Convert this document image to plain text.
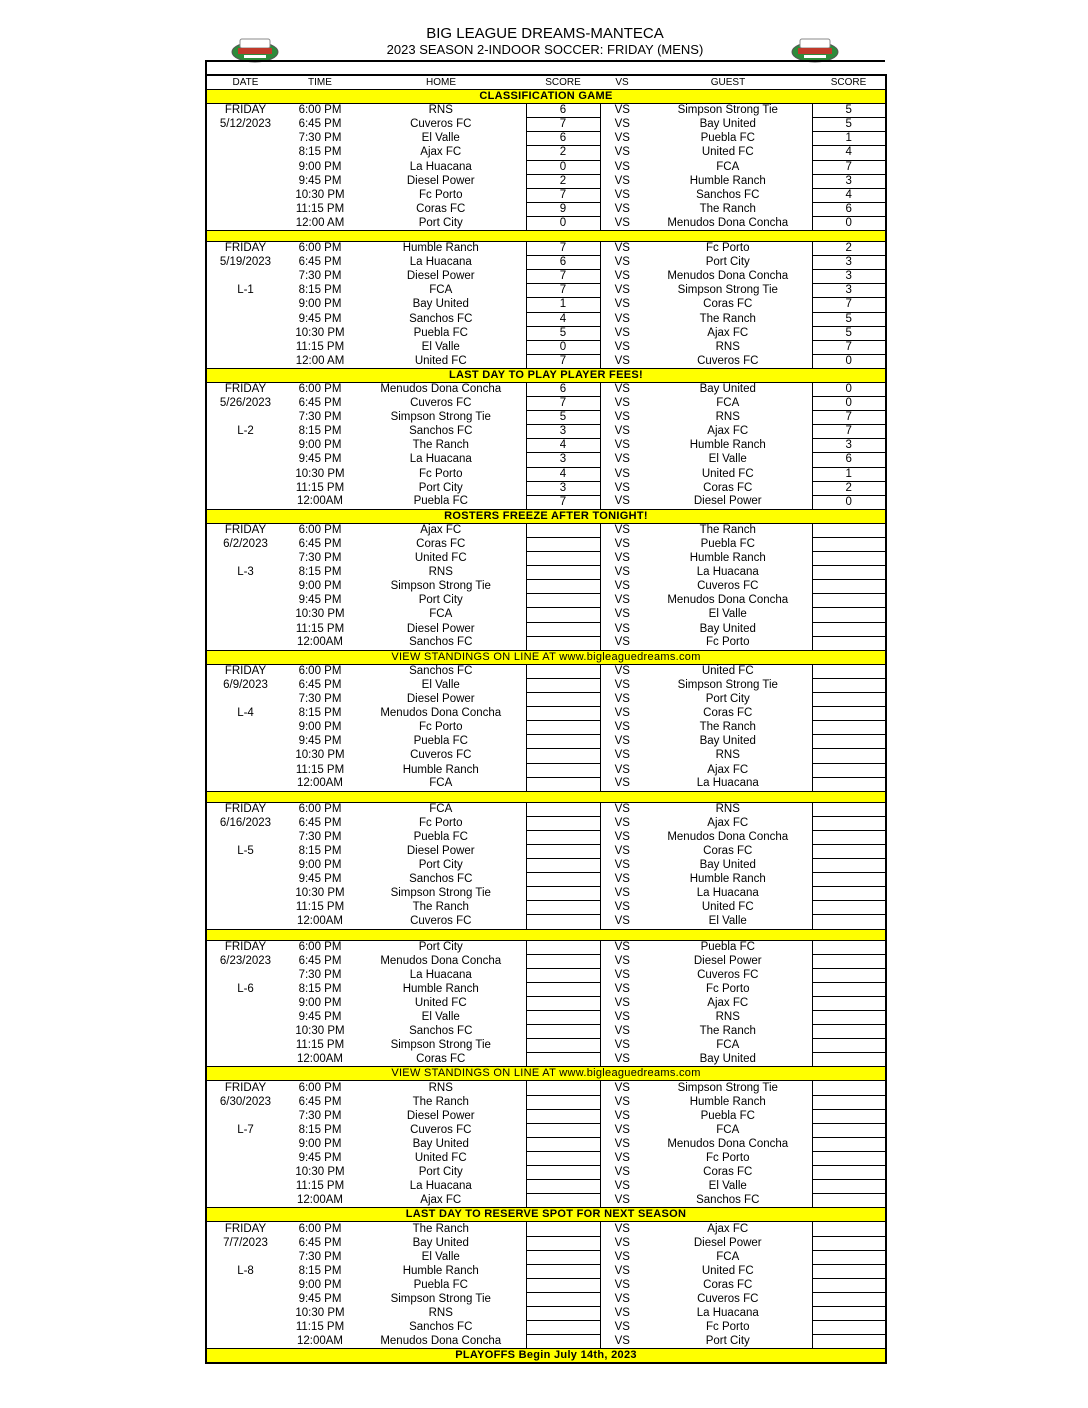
BIG LEAGUE DREAMS-MANTECA
2023 SEASON 2-INDOOR SOCCER: FRIDAY (MENS)
DATE	TIME	HOME	SCORE	VS	GUEST	SCORE
CLASSIFICATION GAME						
FRIDAY	6:00 PM	RNS	6	VS	Simpson Strong Tie	5
5/12/2023	6:45 PM	Cuveros FC	7	VS	Bay United	5
	7:30 PM	El Valle	6	VS	Puebla FC	1
	8:15 PM	Ajax FC	2	VS	United FC	4
	9:00 PM	La Huacana	0	VS	FCA	7
	9:45 PM	Diesel Power	2	VS	Humble Ranch	3
	10:30 PM	Fc Porto	7	VS	Sanchos FC	4
	11:15 PM	Coras FC	9	VS	The Ranch	6
	12:00 AM	Port City	0	VS	Menudos Dona Concha	0

FRIDAY	6:00 PM	Humble Ranch	7	VS	Fc Porto	2
5/19/2023	6:45 PM	La Huacana	6	VS	Port City	3
	7:30 PM	Diesel Power	7	VS	Menudos Dona Concha	3
L-1	8:15 PM	FCA	7	VS	Simpson Strong Tie	3
	9:00 PM	Bay United	1	VS	Coras FC	7
	9:45 PM	Sanchos FC	4	VS	The Ranch	5
	10:30 PM	Puebla FC	5	VS	Ajax FC	5
	11:15 PM	El Valle	0	VS	RNS	7
	12:00 AM	United FC	7	VS	Cuveros FC	0
LAST DAY TO PLAY PLAYER FEES!						
FRIDAY	6:00 PM	Menudos Dona Concha	6	VS	Bay United	0
5/26/2023	6:45 PM	Cuveros FC	7	VS	FCA	0
	7:30 PM	Simpson Strong Tie	5	VS	RNS	7
L-2	8:15 PM	Sanchos FC	3	VS	Ajax FC	7
	9:00 PM	The Ranch	4	VS	Humble Ranch	3
	9:45 PM	La Huacana	3	VS	El Valle	6
	10:30 PM	Fc Porto	4	VS	United FC	1
	11:15 PM	Port City	3	VS	Coras FC	2
	12:00AM	Puebla FC	7	VS	Diesel Power	0
ROSTERS FREEZE AFTER TONIGHT!						
FRIDAY	6:00 PM	Ajax FC		VS	The Ranch	
6/2/2023	6:45 PM	Coras FC		VS	Puebla FC	
	7:30 PM	United FC		VS	Humble Ranch	
L-3	8:15 PM	RNS		VS	La Huacana	
	9:00 PM	Simpson Strong Tie		VS	Cuveros FC	
	9:45 PM	Port City		VS	Menudos Dona Concha	
	10:30 PM	FCA		VS	El Valle	
	11:15 PM	Diesel Power		VS	Bay United	
	12:00AM	Sanchos FC		VS	Fc Porto	
VIEW STANDINGS ON LINE AT www.bigleaguedreams.com						
FRIDAY	6:00 PM	Sanchos FC		VS	United FC	
6/9/2023	6:45 PM	El Valle		VS	Simpson Strong Tie	
	7:30 PM	Diesel Power		VS	Port City	
L-4	8:15 PM	Menudos Dona Concha		VS	Coras FC	
	9:00 PM	Fc Porto		VS	The Ranch	
	9:45 PM	Puebla FC		VS	Bay United	
	10:30 PM	Cuveros FC		VS	RNS	
	11:15 PM	Humble Ranch		VS	Ajax FC	
	12:00AM	FCA		VS	La Huacana	

FRIDAY	6:00 PM	FCA		VS	RNS	
6/16/2023	6:45 PM	Fc Porto		VS	Ajax FC	
	7:30 PM	Puebla FC		VS	Menudos Dona Concha	
L-5	8:15 PM	Diesel Power		VS	Coras FC	
	9:00 PM	Port City		VS	Bay United	
	9:45 PM	Sanchos FC		VS	Humble Ranch	
	10:30 PM	Simpson Strong Tie		VS	La Huacana	
	11:15 PM	The Ranch		VS	United FC	
	12:00AM	Cuveros FC		VS	El Valle	

FRIDAY	6:00 PM	Port City		VS	Puebla FC	
6/23/2023	6:45 PM	Menudos Dona Concha		VS	Diesel Power	
	7:30 PM	La Huacana		VS	Cuveros FC	
L-6	8:15 PM	Humble Ranch		VS	Fc Porto	
	9:00 PM	United FC		VS	Ajax FC	
	9:45 PM	El Valle		VS	RNS	
	10:30 PM	Sanchos FC		VS	The Ranch	
	11:15 PM	Simpson Strong Tie		VS	FCA	
	12:00AM	Coras FC		VS	Bay United	
VIEW STANDINGS ON LINE AT www.bigleaguedreams.com						
FRIDAY	6:00 PM	RNS		VS	Simpson Strong Tie	
6/30/2023	6:45 PM	The Ranch		VS	Humble Ranch	
	7:30 PM	Diesel Power		VS	Puebla FC	
L-7	8:15 PM	Cuveros FC		VS	FCA	
	9:00 PM	Bay United		VS	Menudos Dona Concha	
	9:45 PM	United FC		VS	Fc Porto	
	10:30 PM	Port City		VS	Coras FC	
	11:15 PM	La Huacana		VS	El Valle	
	12:00AM	Ajax FC		VS	Sanchos FC	
LAST DAY TO RESERVE SPOT FOR NEXT SEASON						
FRIDAY	6:00 PM	The Ranch		VS	Ajax FC	
7/7/2023	6:45 PM	Bay United		VS	Diesel Power	
	7:30 PM	El Valle		VS	FCA	
L-8	8:15 PM	Humble Ranch		VS	United FC	
	9:00 PM	Puebla FC		VS	Coras FC	
	9:45 PM	Simpson Strong Tie		VS	Cuveros FC	
	10:30 PM	RNS		VS	La Huacana	
	11:15 PM	Sanchos FC		VS	Fc Porto	
	12:00AM	Menudos Dona Concha		VS	Port City	
PLAYOFFS Begin July 14th, 2023						
